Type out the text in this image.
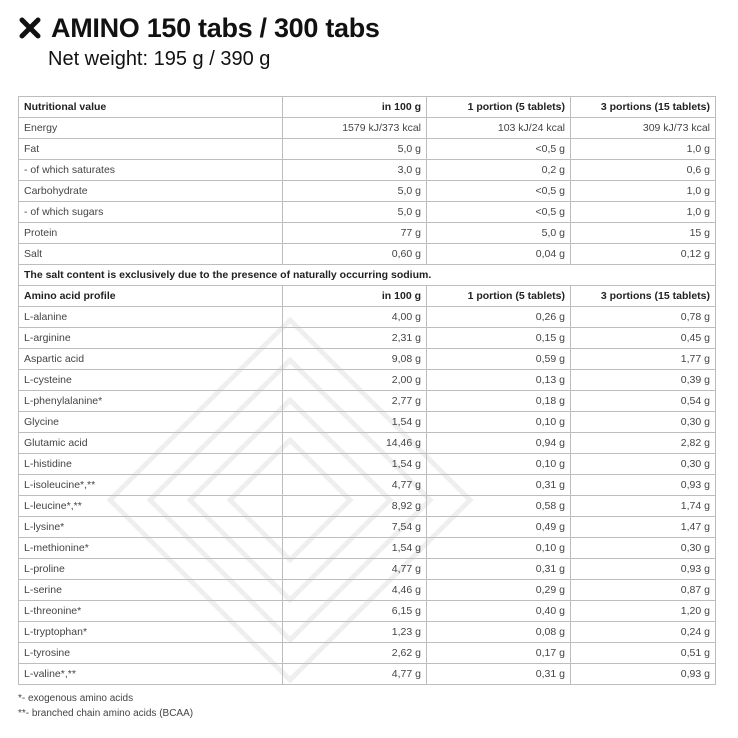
AMINO 150 tabs / 300 tabs
Net weight: 195 g / 390 g
Nutritional value	in 100 g	1 portion (5 tablets)	3 portions (15 tablets)
Energy	1579 kJ/373 kcal	103 kJ/24 kcal	309 kJ/73 kcal
Fat	5,0 g	<0,5 g	1,0 g
- of which saturates	3,0 g	0,2 g	0,6 g
Carbohydrate	5,0 g	<0,5 g	1,0 g
- of which sugars	5,0 g	<0,5 g	1,0 g
Protein	77 g	5,0 g	15 g
Salt	0,60 g	0,04 g	0,12 g
The salt content is exclusively due to the presence of naturally occurring sodium.			
Amino acid profile	in 100 g	1 portion (5 tablets)	3 portions (15 tablets)
L-alanine	4,00 g	0,26 g	0,78 g
L-arginine	2,31 g	0,15 g	0,45 g
Aspartic acid	9,08 g	0,59 g	1,77 g
L-cysteine	2,00 g	0,13 g	0,39 g
L-phenylalanine*	2,77 g	0,18 g	0,54 g
Glycine	1,54 g	0,10 g	0,30 g
Glutamic acid	14,46 g	0,94 g	2,82 g
L-histidine	1,54 g	0,10 g	0,30 g
L-isoleucine*,**	4,77 g	0,31 g	0,93 g
L-leucine*,**	8,92 g	0,58 g	1,74 g
L-lysine*	7,54 g	0,49 g	1,47 g
L-methionine*	1,54 g	0,10 g	0,30 g
L-proline	4,77 g	0,31 g	0,93 g
L-serine	4,46 g	0,29 g	0,87 g
L-threonine*	6,15 g	0,40 g	1,20 g
L-tryptophan*	1,23 g	0,08 g	0,24 g
L-tyrosine	2,62 g	0,17 g	0,51 g
L-valine*,**	4,77 g	0,31 g	0,93 g
*- exogenous amino acids
**- branched chain amino acids (BCAA)
